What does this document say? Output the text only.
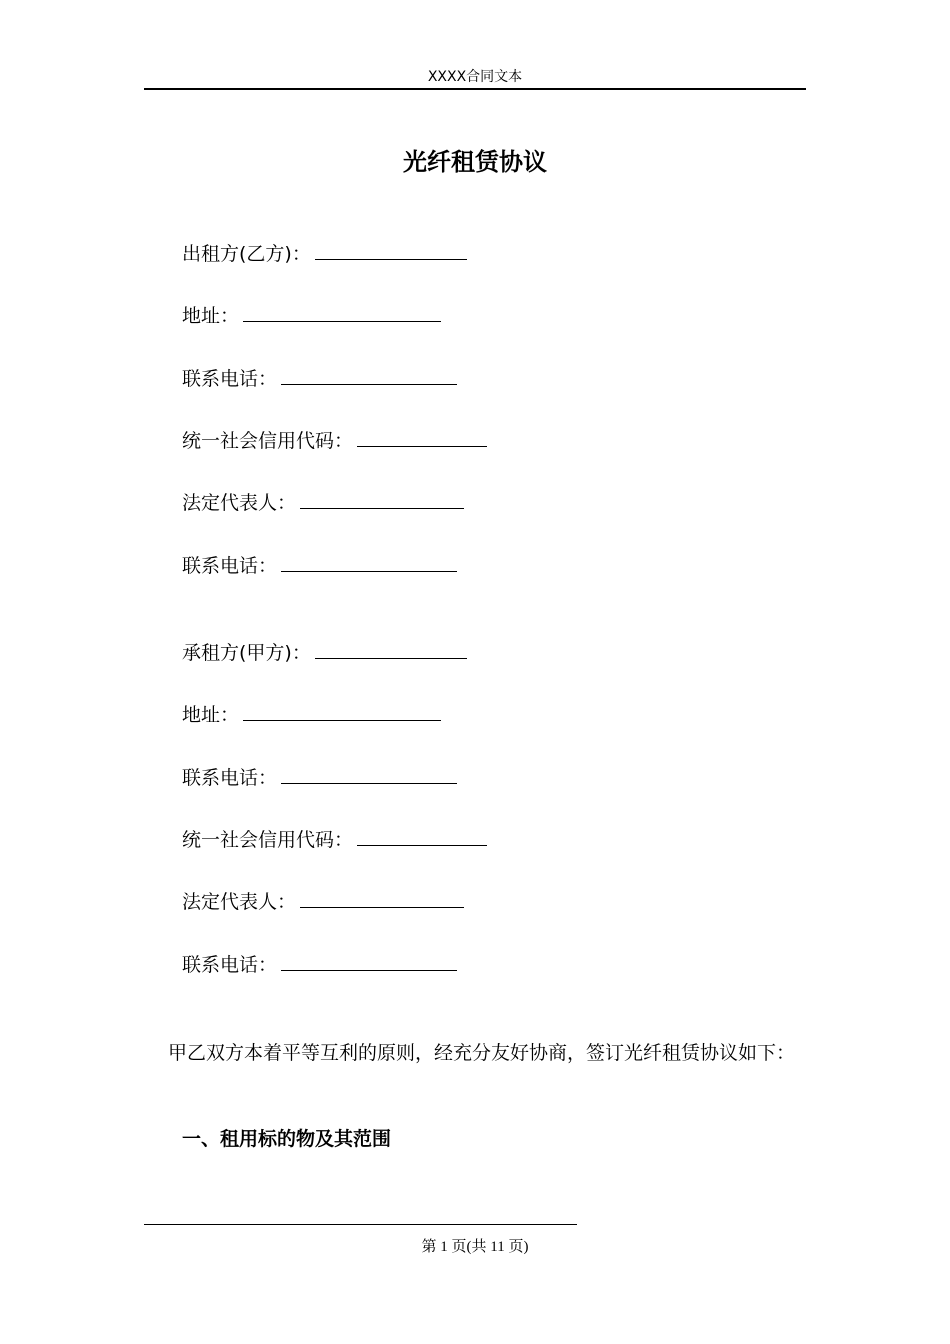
XXXX合同文本
光纤租赁协议
出租方(乙方)：
地址：
联系电话：
统一社会信用代码：
法定代表人：
联系电话：
承租方(甲方)：
地址：
联系电话：
统一社会信用代码：
法定代表人：
联系电话：
甲乙双方本着平等互利的原则，经充分友好协商，签订光纤租赁协议如下：
一、租用标的物及其范围
第 1 页(共 11 页)
